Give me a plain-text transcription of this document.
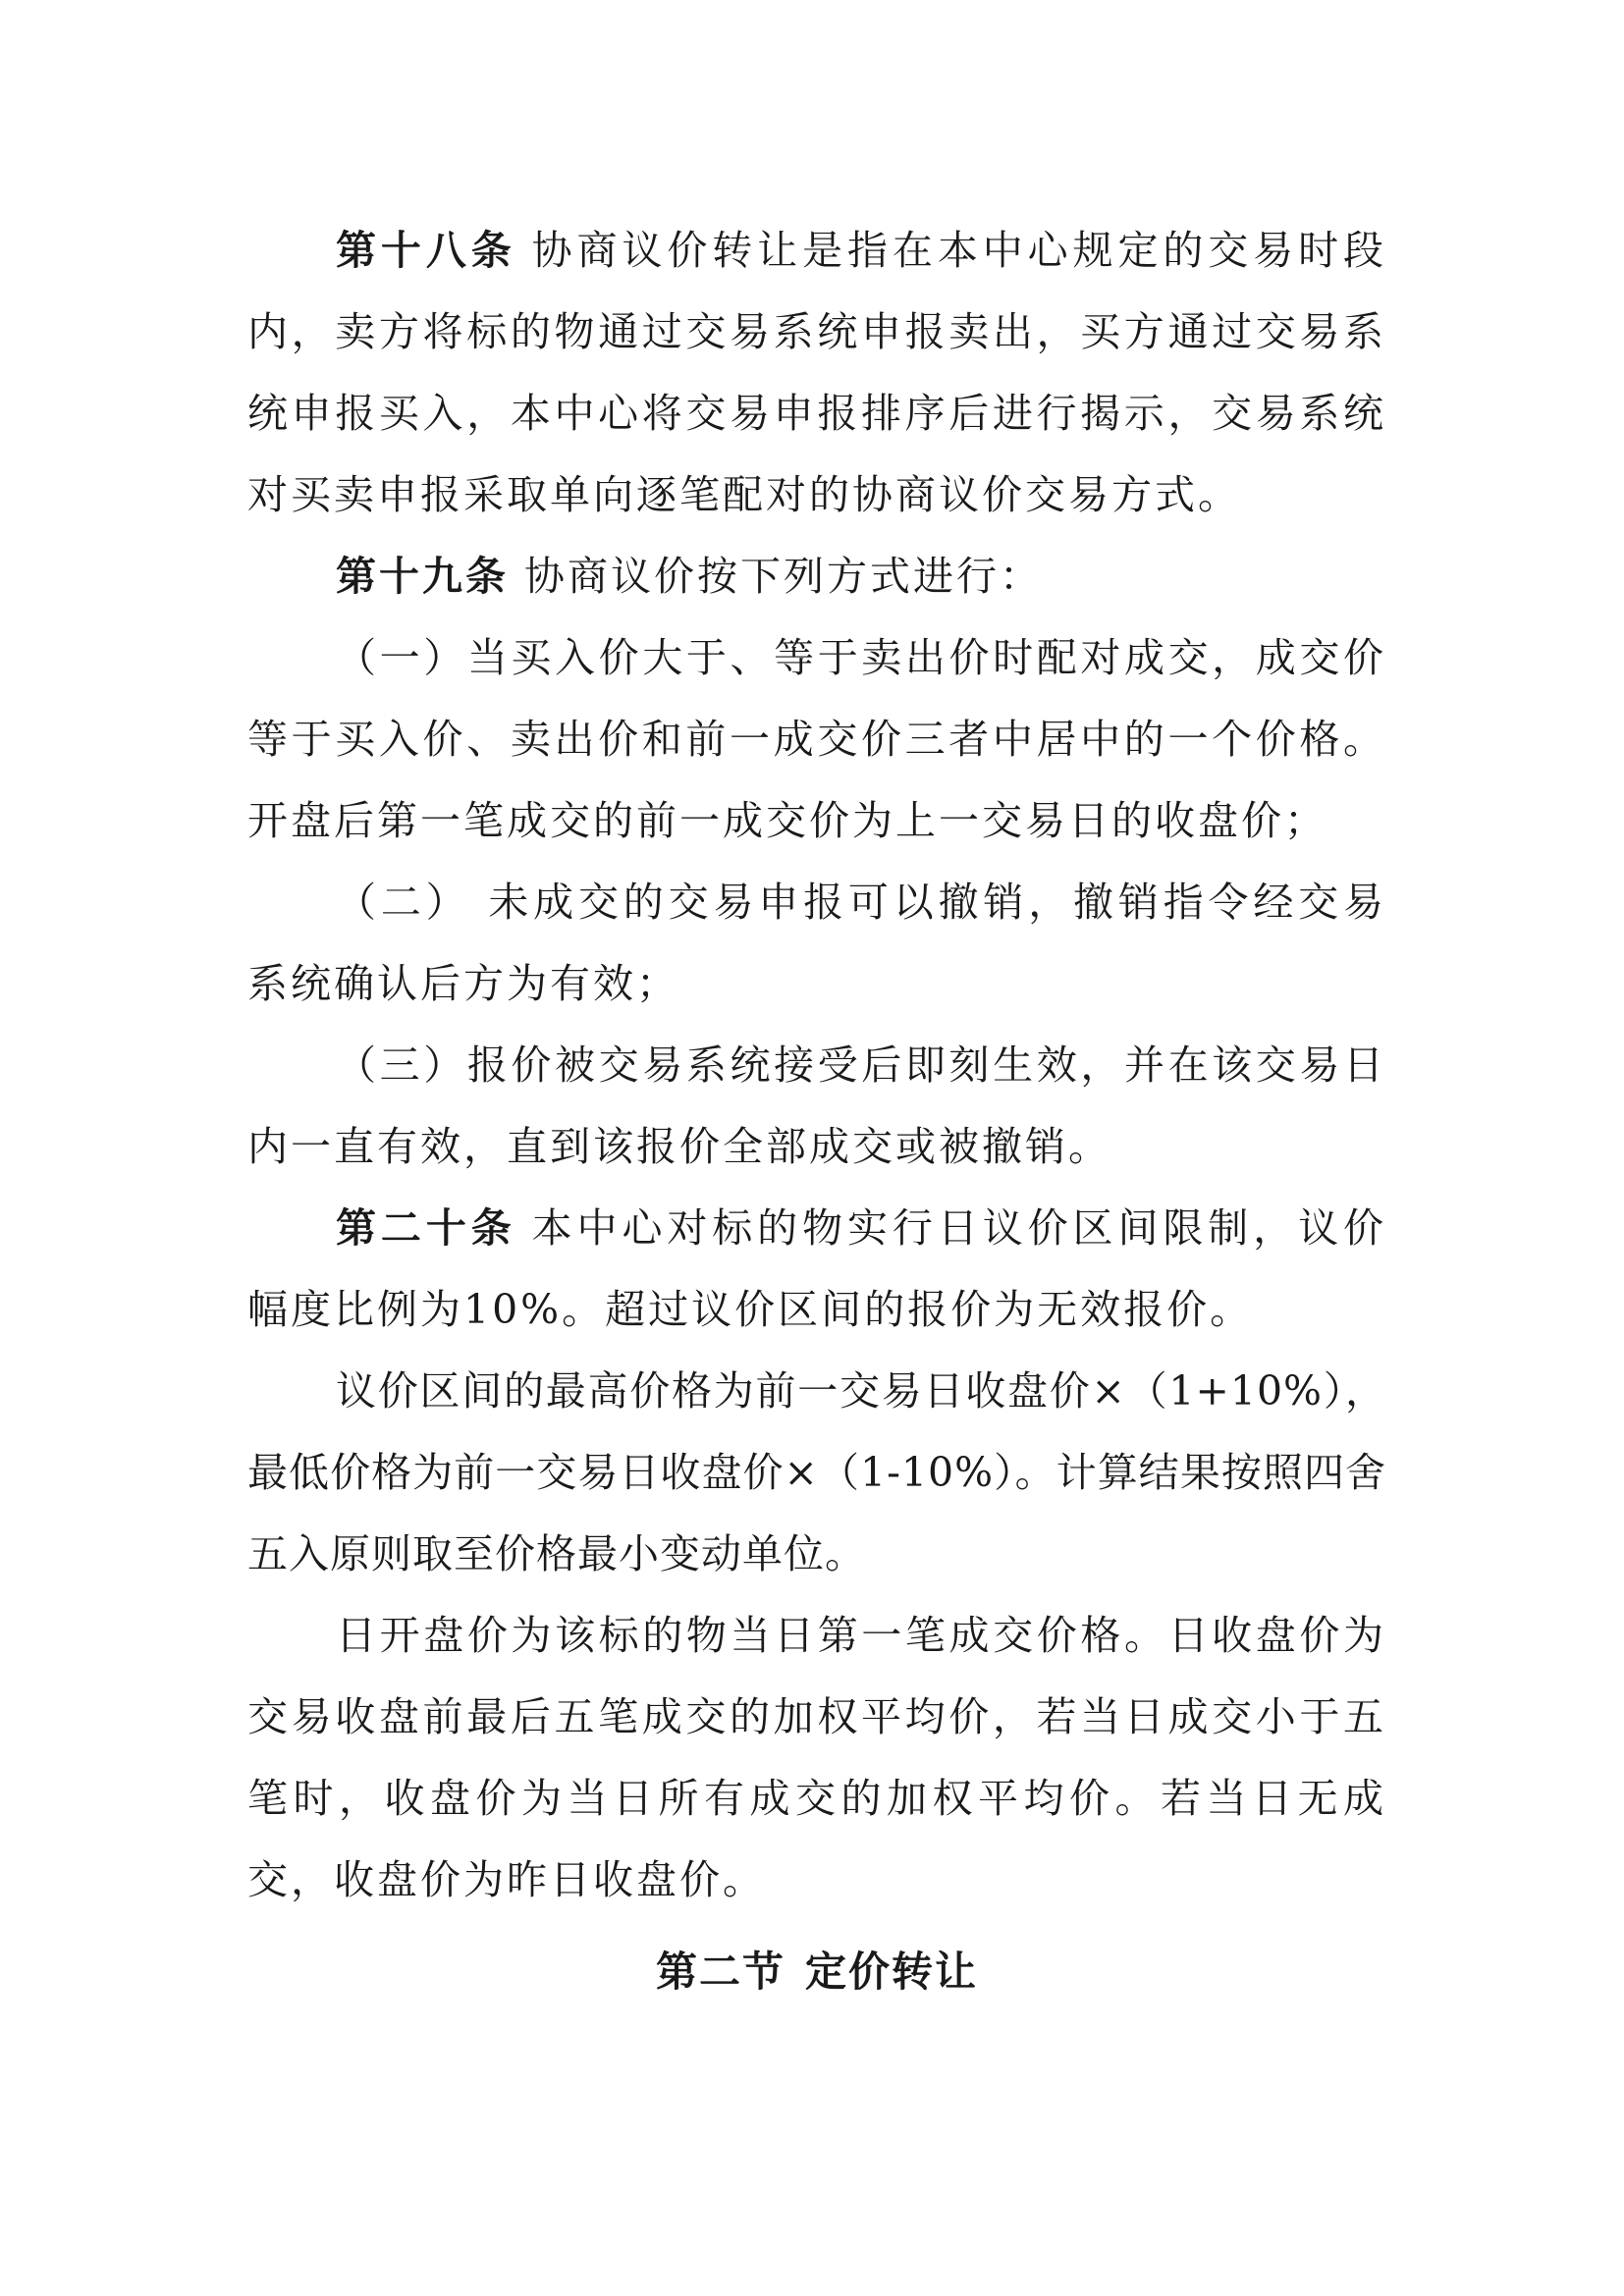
第十八条 协商议价转让是指在本中心规定的交易时段内，卖方将标的物通过交易系统申报卖出，买方通过交易系统申报买入，本中心将交易申报排序后进行揭示，交易系统对买卖申报采取单向逐笔配对的协商议价交易方式。

第十九条 协商议价按下列方式进行：

（一）当买入价大于、等于卖出价时配对成交，成交价等于买入价、卖出价和前一成交价三者中居中的一个价格。开盘后第一笔成交的前一成交价为上一交易日的收盘价；

（二） 未成交的交易申报可以撤销，撤销指令经交易系统确认后方为有效；

（三）报价被交易系统接受后即刻生效，并在该交易日内一直有效，直到该报价全部成交或被撤销。

第二十条 本中心对标的物实行日议价区间限制，议价幅度比例为10%。超过议价区间的报价为无效报价。

议价区间的最高价格为前一交易日收盘价×（1+10%），最低价格为前一交易日收盘价×（1-10%）。计算结果按照四舍五入原则取至价格最小变动单位。

日开盘价为该标的物当日第一笔成交价格。日收盘价为交易收盘前最后五笔成交的加权平均价，若当日成交小于五笔时，收盘价为当日所有成交的加权平均价。若当日无成交，收盘价为昨日收盘价。

第二节 定价转让
